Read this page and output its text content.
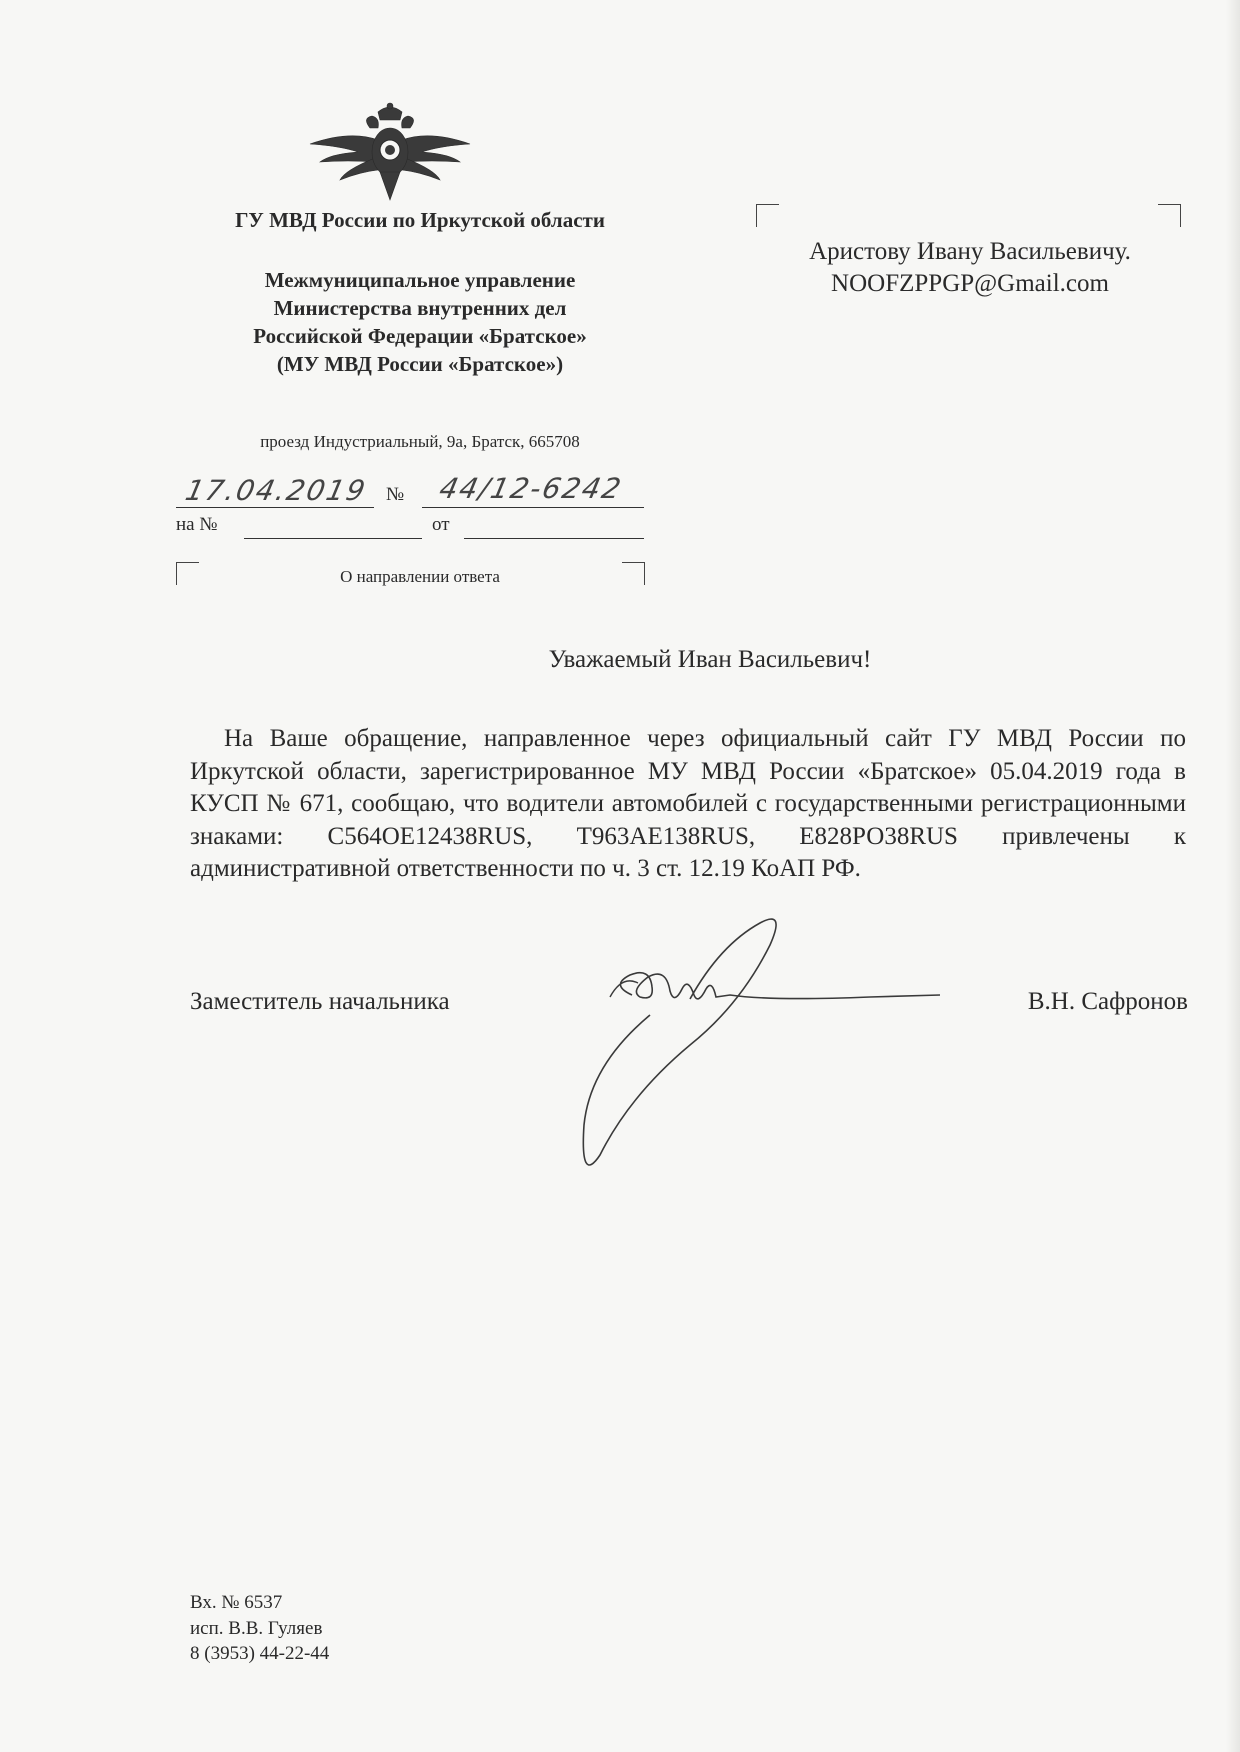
ГУ МВД России по Иркутской области
Межмуниципальное управление
Министерства внутренних дел
Российской Федерации «Братское»
(МУ МВД России «Братское»)
проезд Индустриальный, 9а, Братск, 665708
17.04.2019 № 44/12-6242
на №	от
О направлении ответа
Аристову Ивану Васильевичу.
NOOFZPPGP@Gmail.com
Уважаемый Иван Васильевич!
На Ваше обращение, направленное через официальный сайт ГУ МВД России по Иркутской области, зарегистрированное МУ МВД России «Братское» 05.04.2019 года в КУСП № 671, сообщаю, что водители автомобилей с государственными регистрационными знаками: С564ОЕ12438RUS, Т963АЕ138RUS, Е828РО38RUS привлечены к административной ответственности по ч. 3 ст. 12.19 КоАП РФ.
Заместитель начальника	В.Н. Сафронов
Вх. № 6537
исп. В.В. Гуляев
8 (3953) 44-22-44
